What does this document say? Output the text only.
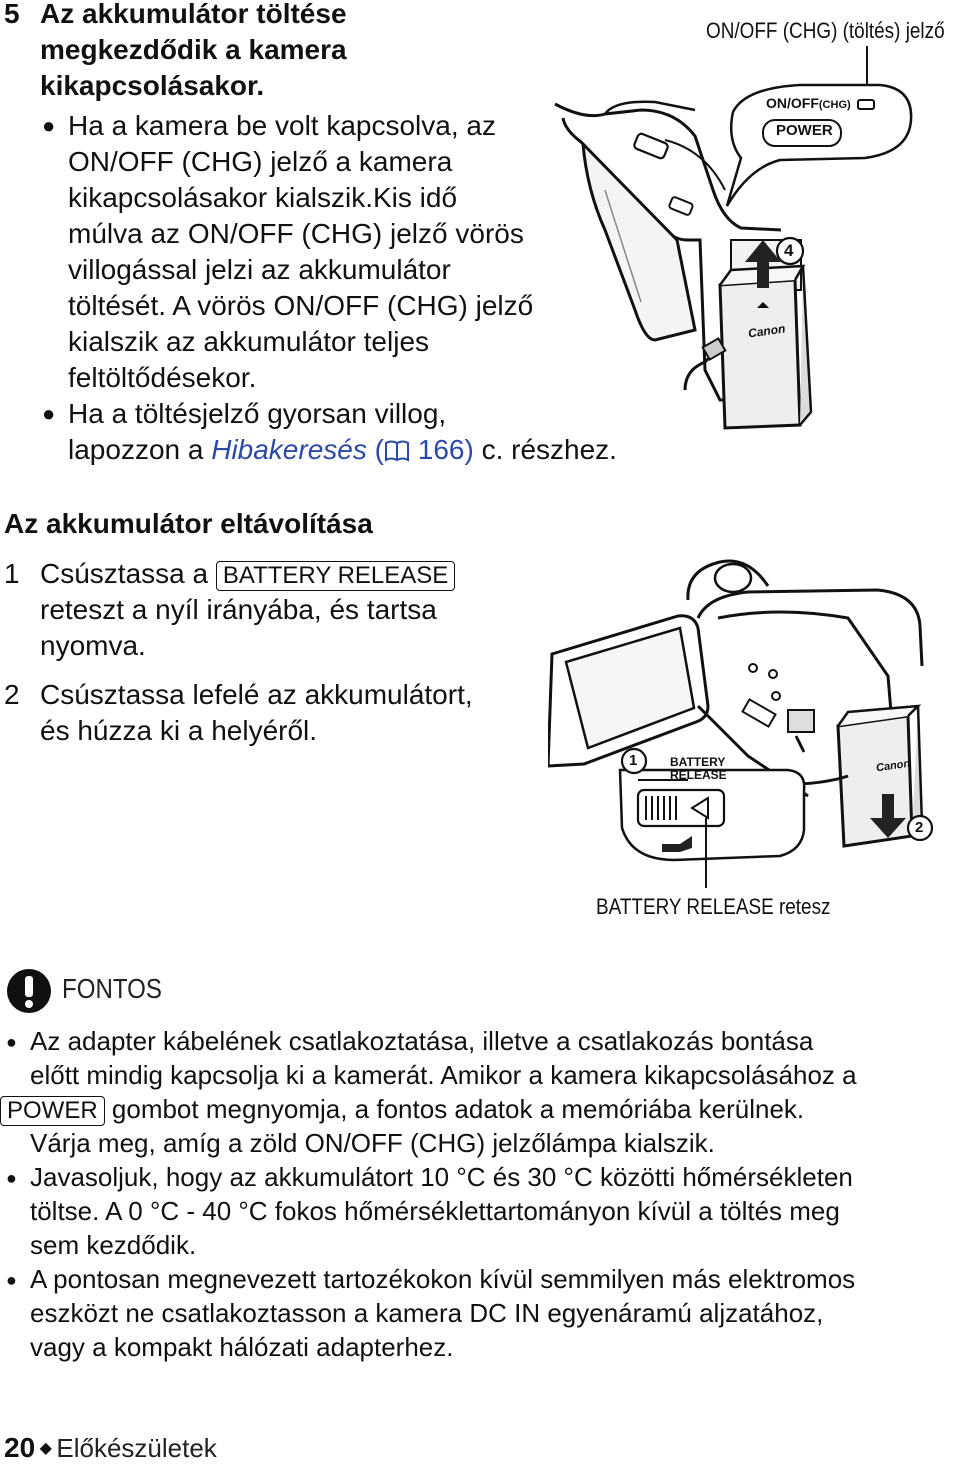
5 Az akkumulátor töltése
megkezdődik a kamera
kikapcsolásakor.
● Ha a kamera be volt kapcsolva, az
ON/OFF (CHG) jelző a kamera
kikapcsolásakor kialszik.Kis idő
múlva az ON/OFF (CHG) jelző vörös
villogással jelzi az akkumulátor
töltését. A vörös ON/OFF (CHG) jelző
kialszik az akkumulátor teljes
feltöltődésekor.
● Ha a töltésjelző gyorsan villog,
lapozzon a Hibakeresés ( 166) c. részhez.
ON/OFF (CHG) (töltés) jelző
ON/OFF(CHG)
POWER
4
Canon
Az akkumulátor eltávolítása
1 Csúsztassa a BATTERY RELEASE
reteszt a nyíl irányába, és tartsa
nyomva.
2 Csúsztassa lefelé az akkumulátort,
és húzza ki a helyéről.
1
2
BATTERY
RELEASE
Canon
BATTERY RELEASE retesz
FONTOS
● Az adapter kábelének csatlakoztatása, illetve a csatlakozás bontása
előtt mindig kapcsolja ki a kamerát. Amikor a kamera kikapcsolásához a
POWER gombot megnyomja, a fontos adatok a memóriába kerülnek.
Várja meg, amíg a zöld ON/OFF (CHG) jelzőlámpa kialszik.
● Javasoljuk, hogy az akkumulátort 10 °C és 30 °C közötti hőmérsékleten
töltse. A 0 °C - 40 °C fokos hőmérséklettartományon kívül a töltés meg
sem kezdődik.
● A pontosan megnevezett tartozékokon kívül semmilyen más elektromos
eszközt ne csatlakoztasson a kamera DC IN egyenáramú aljzatához,
vagy a kompakt hálózati adapterhez.
20 ◆ Előkészületek
